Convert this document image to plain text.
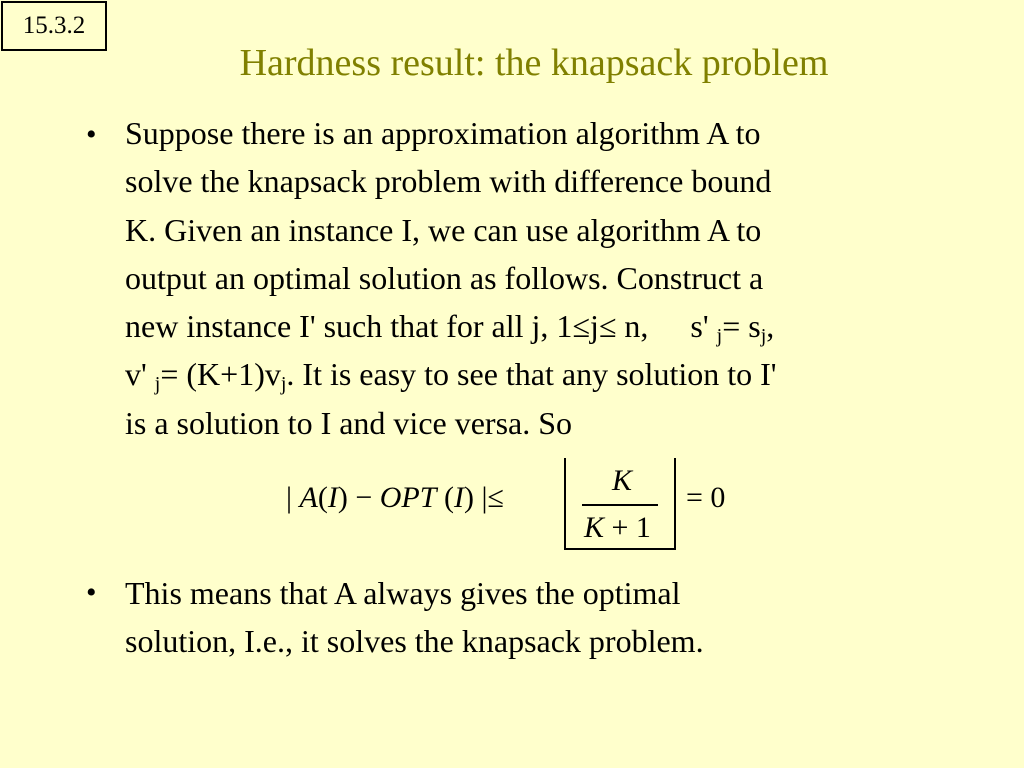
15.3.2
Hardness result: the knapsack problem
• Suppose there is an approximation algorithm A to
solve the knapsack problem with difference bound
K. Given an instance I, we can use algorithm A to
output an optimal solution as follows. Construct a
new instance I' such that for all j, 1≤j≤ n, s' $_j= s_j$,
v' $_j= (K+1)v_j$. It is easy to see that any solution to I'
is a solution to I and vice versa. So
| A(I) − OPT (I) |≤
K
K + 1
= 0
• This means that A always gives the optimal
solution, I.e., it solves the knapsack problem.
